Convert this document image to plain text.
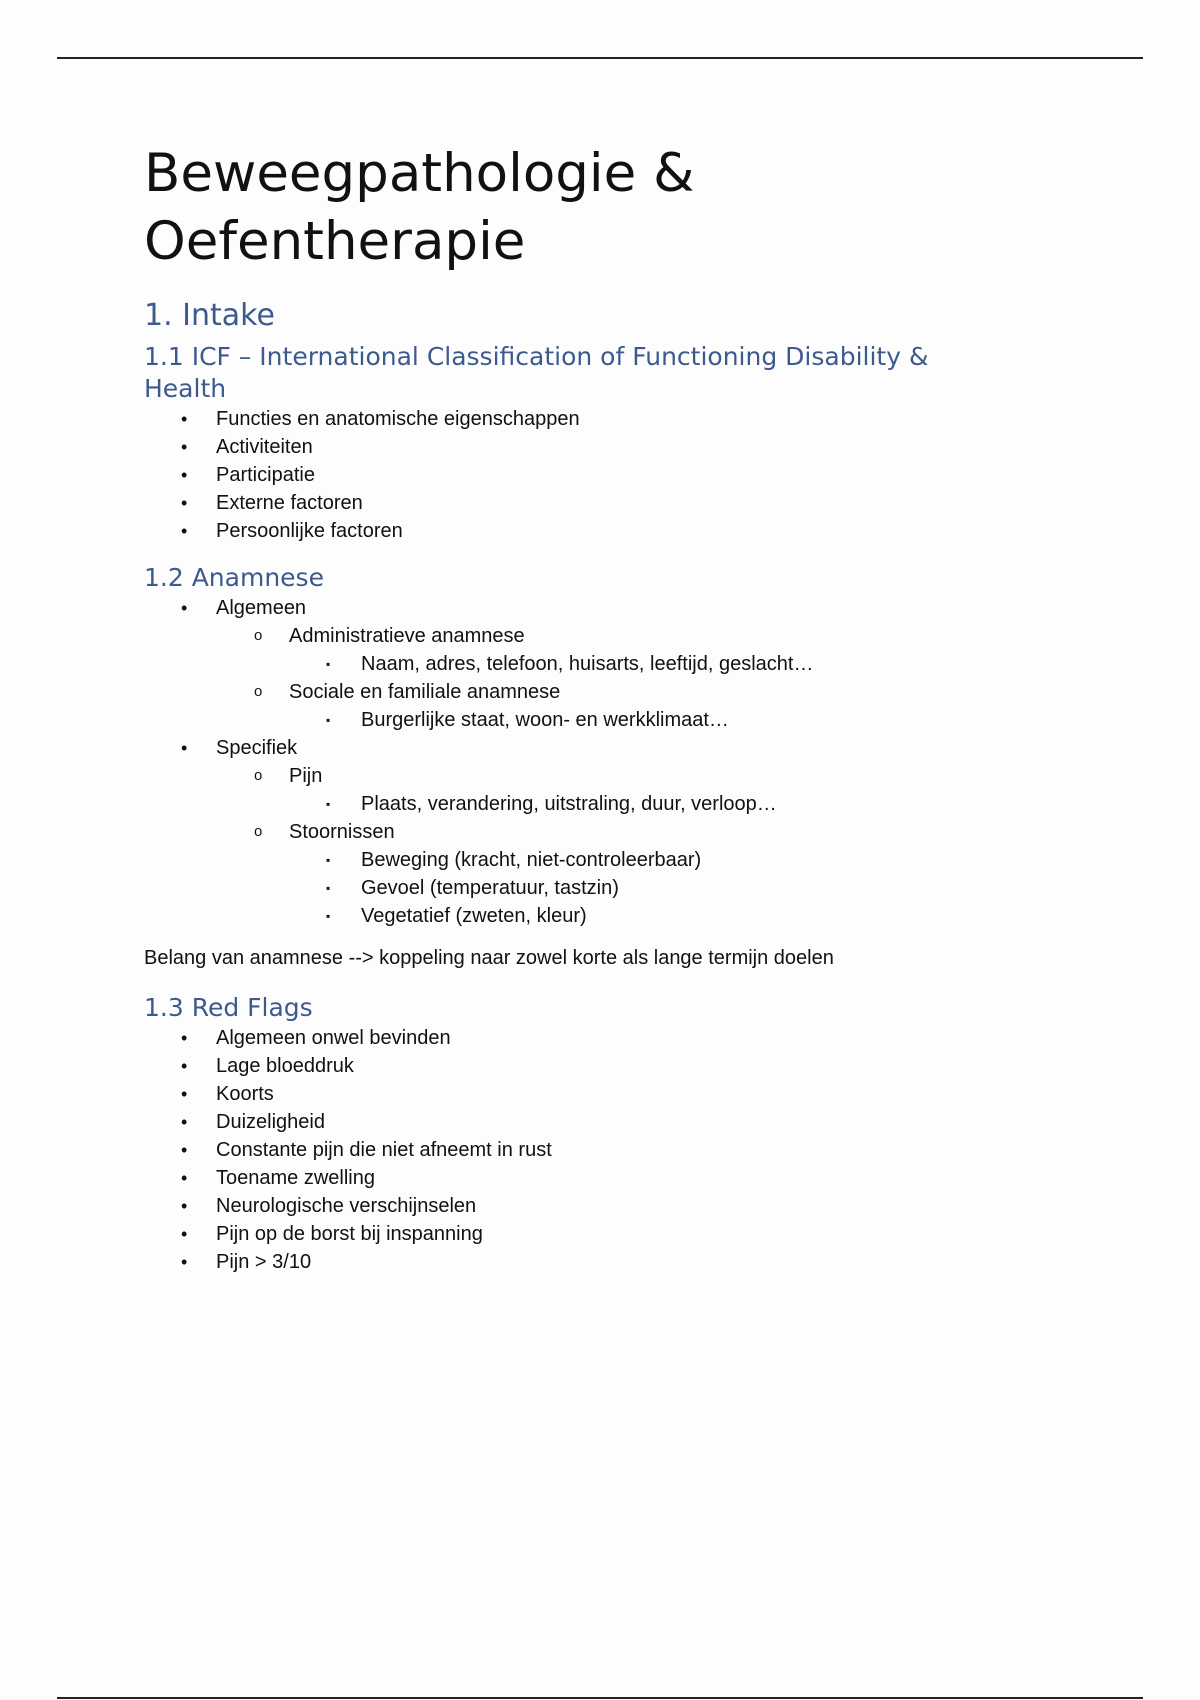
Beweegpathologie & Oefentherapie
1. Intake
1.1 ICF – International Classification of Functioning Disability & Health
• Functies en anatomische eigenschappen
• Activiteiten
• Participatie
• Externe factoren
• Persoonlijke factoren
1.2 Anamnese
• Algemeen
o Administratieve anamnese
▪ Naam, adres, telefoon, huisarts, leeftijd, geslacht…
o Sociale en familiale anamnese
▪ Burgerlijke staat, woon- en werkklimaat…
• Specifiek
o Pijn
▪ Plaats, verandering, uitstraling, duur, verloop…
o Stoornissen
▪ Beweging (kracht, niet-controleerbaar)
▪ Gevoel (temperatuur, tastzin)
▪ Vegetatief (zweten, kleur)

Belang van anamnese --> koppeling naar zowel korte als lange termijn doelen

1.3 Red Flags
• Algemeen onwel bevinden
• Lage bloeddruk
• Koorts
• Duizeligheid
• Constante pijn die niet afneemt in rust
• Toename zwelling
• Neurologische verschijnselen
• Pijn op de borst bij inspanning
• Pijn > 3/10
